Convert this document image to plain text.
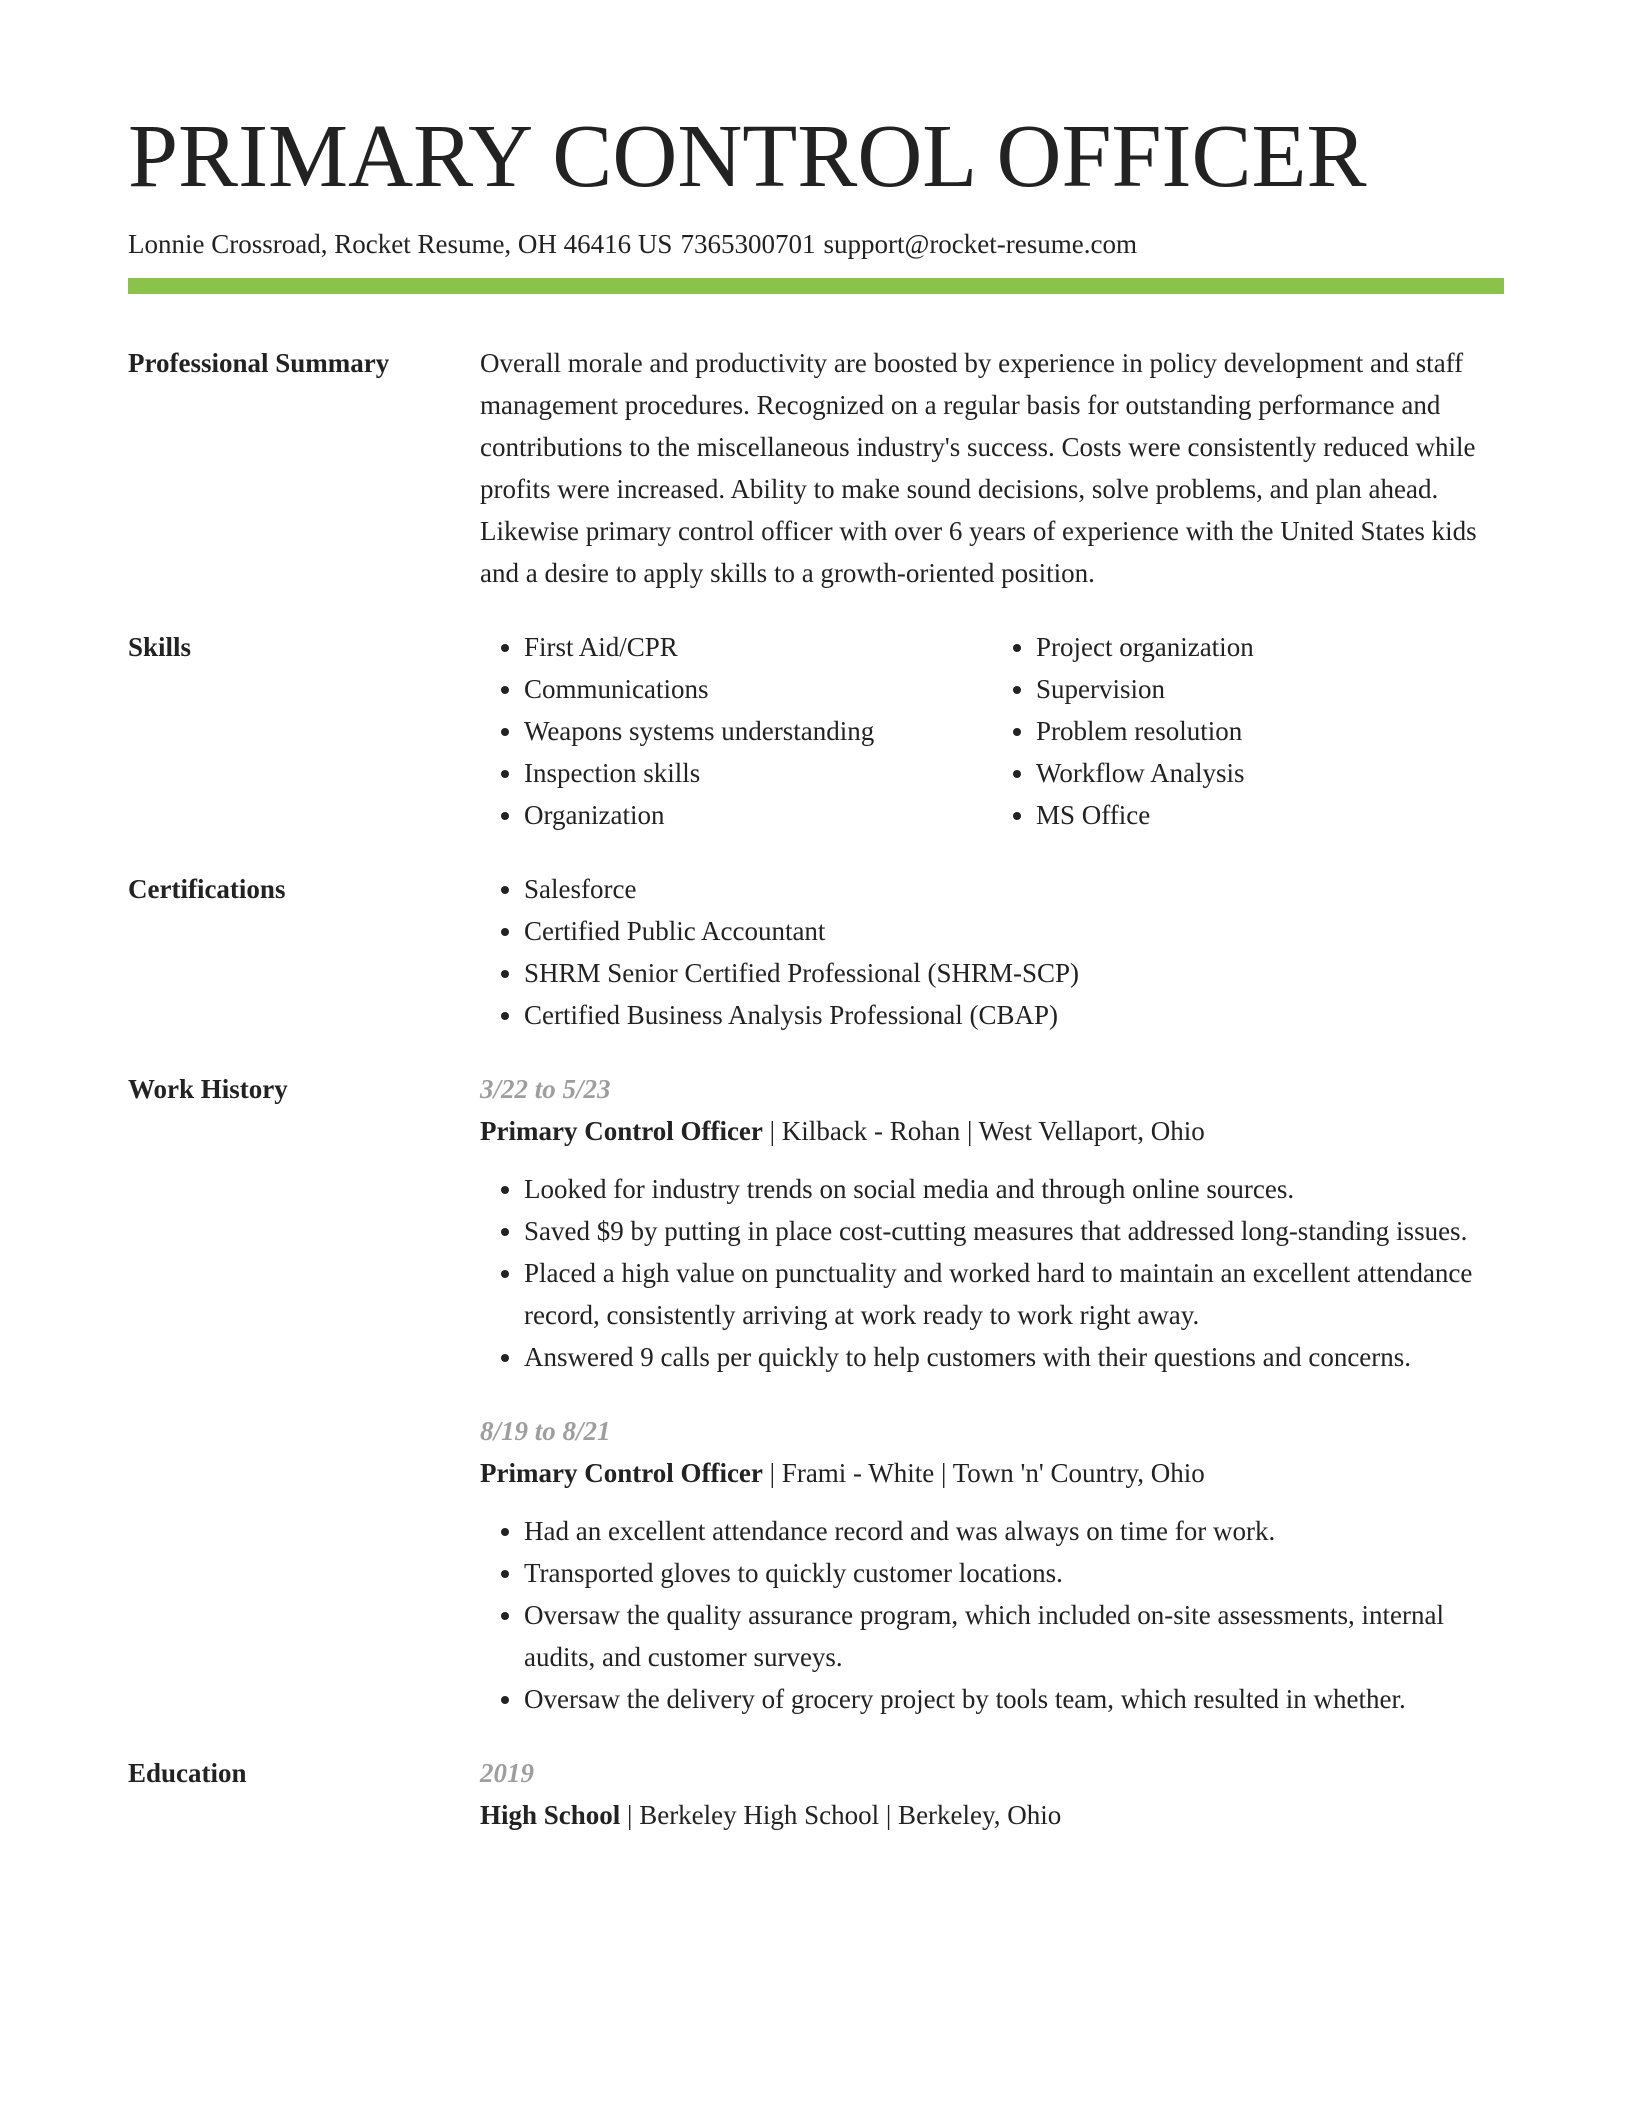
PRIMARY CONTROL OFFICER
Lonnie Crossroad, Rocket Resume, OH 46416 US 7365300701 support@rocket-resume.com
Professional Summary	Overall morale and productivity are boosted by experience in policy development and staff management procedures. Recognized on a regular basis for outstanding performance and contributions to the miscellaneous industry's success. Costs were consistently reduced while profits were increased. Ability to make sound decisions, solve problems, and plan ahead. Likewise primary control officer with over 6 years of experience with the United States kids and a desire to apply skills to a growth-oriented position.

Skills	• First Aid/CPR
• Communications
• Weapons systems understanding
• Inspection skills
• Organization
• Project organization
• Supervision
• Problem resolution
• Workflow Analysis
• MS Office
Certifications	• Salesforce
• Certified Public Accountant
• SHRM Senior Certified Professional (SHRM-SCP)
• Certified Business Analysis Professional (CBAP)
Work History	3/22 to 5/23
Primary Control Officer | Kilback - Rohan | West Vellaport, Ohio
• Looked for industry trends on social media and through online sources.
• Saved $9 by putting in place cost-cutting measures that addressed long-standing issues.
• Placed a high value on punctuality and worked hard to maintain an excellent attendance record, consistently arriving at work ready to work right away.
• Answered 9 calls per quickly to help customers with their questions and concerns.
8/19 to 8/21
Primary Control Officer | Frami - White | Town 'n' Country, Ohio
• Had an excellent attendance record and was always on time for work.
• Transported gloves to quickly customer locations.
• Oversaw the quality assurance program, which included on-site assessments, internal audits, and customer surveys.
• Oversaw the delivery of grocery project by tools team, which resulted in whether.
Education	2019
High School | Berkeley High School | Berkeley, Ohio
